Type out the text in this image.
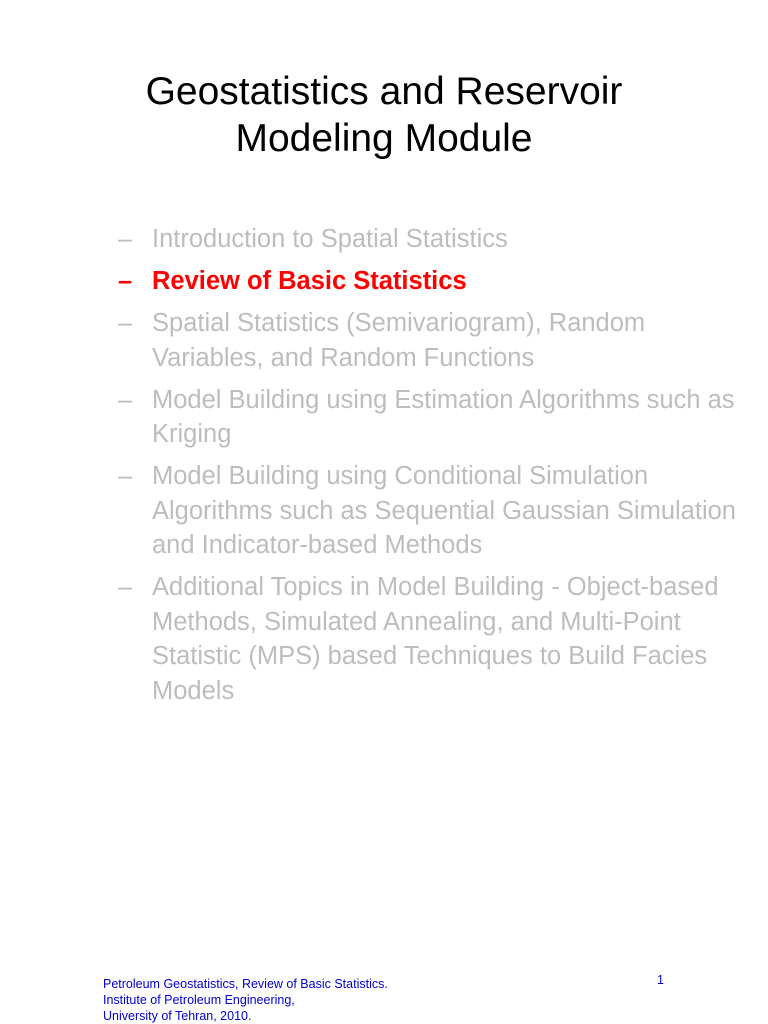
Geostatistics and Reservoir
Modeling Module
– Introduction to Spatial Statistics
– Review of Basic Statistics
– Spatial Statistics (Semivariogram), Random Variables, and Random Functions
– Model Building using Estimation Algorithms such as Kriging
– Model Building using Conditional Simulation Algorithms such as Sequential Gaussian Simulation and Indicator-based Methods
– Additional Topics in Model Building - Object-based Methods, Simulated Annealing, and Multi-Point Statistic (MPS) based Techniques to Build Facies Models
Petroleum Geostatistics, Review of Basic Statistics.
Institute of Petroleum Engineering,
University of Tehran, 2010.
1
